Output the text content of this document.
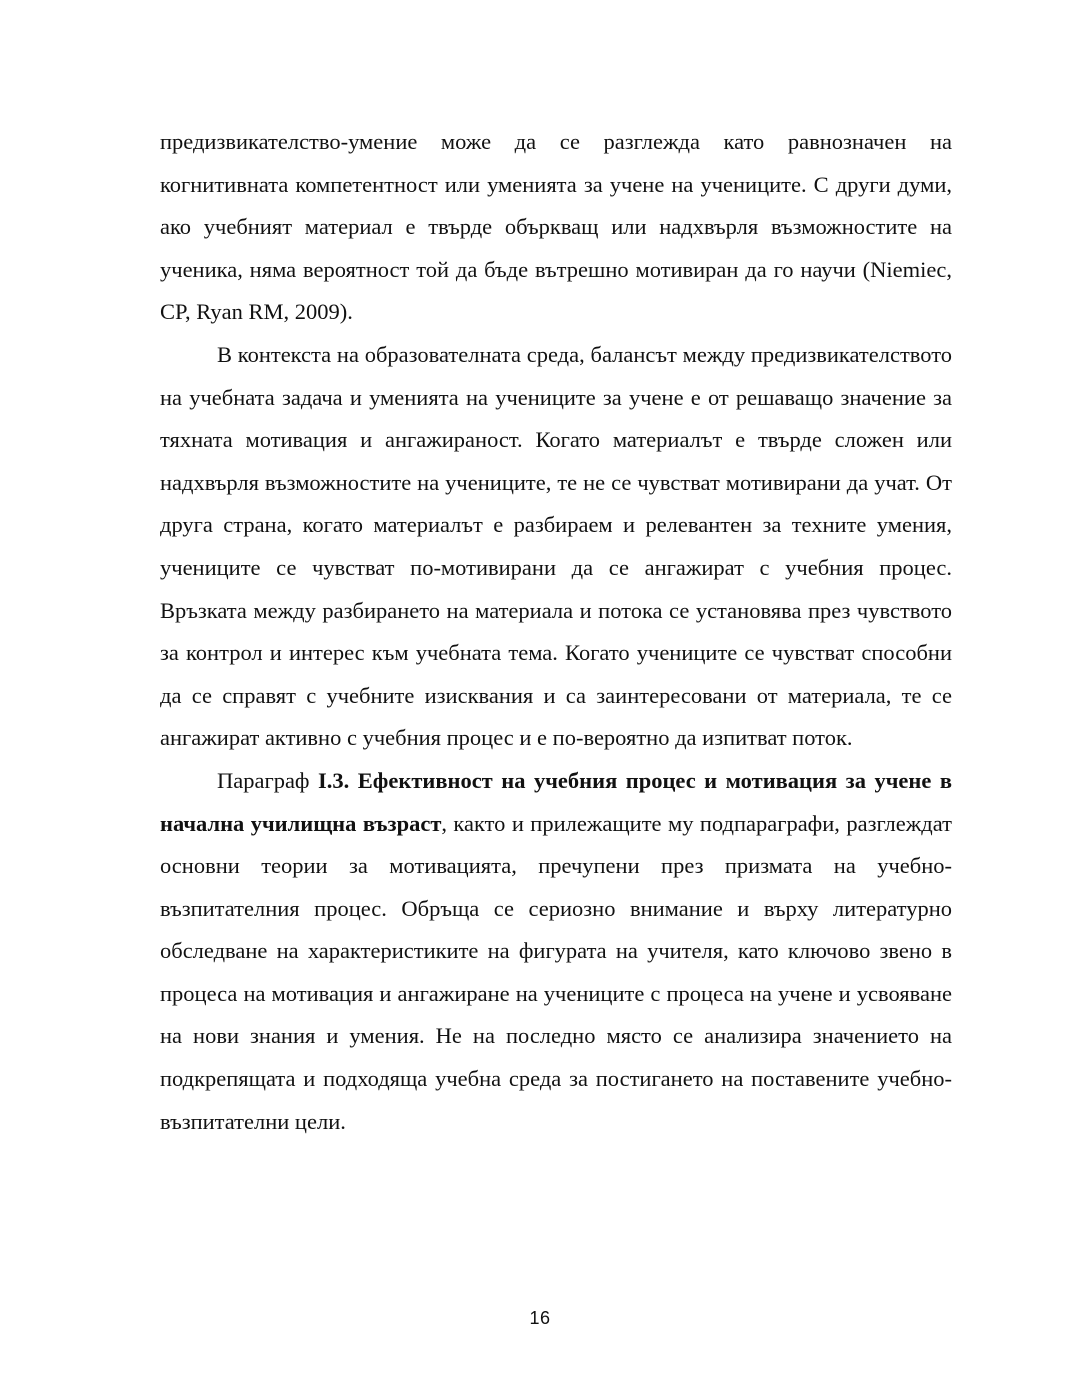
предизвикателство-умение може да се разглежда като равнозначен на когнитивната компетентност или уменията за учене на учениците. С други думи, ако учебният материал е твърде объркващ или надхвърля възможностите на ученика, няма вероятност той да бъде вътрешно мотивиран да го научи (Niemiec, CP, Ryan RM, 2009).

В контекста на образователната среда, балансът между предизвикателството на учебната задача и уменията на учениците за учене е от решаващо значение за тяхната мотивация и ангажираност. Когато материалът е твърде сложен или надхвърля възможностите на учениците, те не се чувстват мотивирани да учат. От друга страна, когато материалът е разбираем и релевантен за техните умения, учениците се чувстват по-мотивирани да се ангажират с учебния процес. Връзката между разбирането на материала и потока се установява през чувството за контрол и интерес към учебната тема. Когато учениците се чувстват способни да се справят с учебните изисквания и са заинтересовани от материала, те се ангажират активно с учебния процес и е по-вероятно да изпитват поток.

Параграф I.3. Ефективност на учебния процес и мотивация за учене в начална училищна възраст, както и прилежащите му подпараграфи, разглеждат основни теории за мотивацията, пречупени през призмата на учебно-възпитателния процес. Обръща се сериозно внимание и върху литературно обследване на характеристиките на фигурата на учителя, като ключово звено в процеса на мотивация и ангажиране на учениците с процеса на учене и усвояване на нови знания и умения. Не на последно място се анализира значението на подкрепящата и подходяща учебна среда за постигането на поставените учебно-възпитателни цели.

16
